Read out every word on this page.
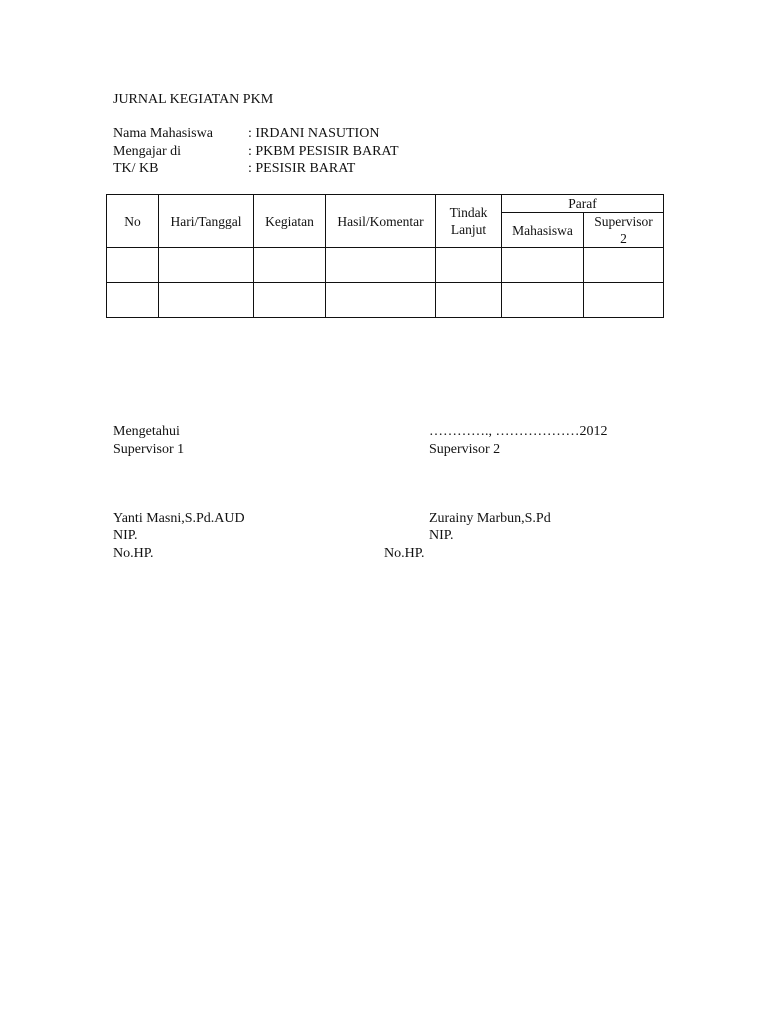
JURNAL KEGIATAN PKM
Nama Mahasiswa	: IRDANI NASUTION
Mengajar di	: PKBM PESISIR BARAT
TK/ KB	: PESISIR BARAT
No	Hari/Tanggal	Kegiatan	Hasil/Komentar	Tindak Lanjut	Paraf	
					Mahasiswa	Supervisor 2

Mengetahui
Supervisor 1
…………., ………………2012
Supervisor 2
Yanti Masni,S.Pd.AUD
NIP.
No.HP.
Zurainy Marbun,S.Pd
NIP.
No.HP.
